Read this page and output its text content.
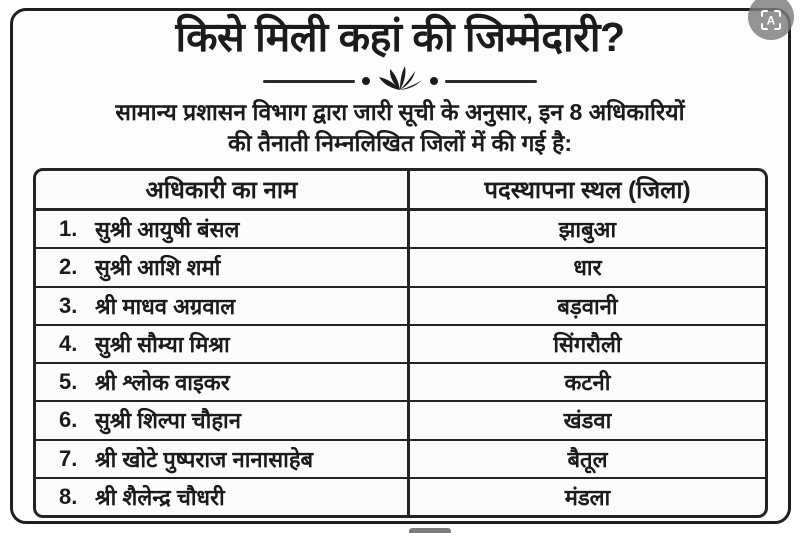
किसे मिली कहां की जिम्मेदारी?
सामान्य प्रशासन विभाग द्वारा जारी सूची के अनुसार, इन 8 अधिकारियों
की तैनाती निम्नलिखित जिलों में की गई है:
अधिकारी का नाम	पदस्थापना स्थल (जिला)
1. सुश्री आयुषी बंसल	झाबुआ
2. सुश्री आशि शर्मा	धार
3. श्री माधव अग्रवाल	बड़वानी
4. सुश्री सौम्या मिश्रा	सिंगरौली
5. श्री श्लोक वाइकर	कटनी
6. सुश्री शिल्पा चौहान	खंडवा
7. श्री खोटे पुष्पराज नानासाहेब	बैतूल
8. श्री शैलेन्द्र चौधरी	मंडला
A
